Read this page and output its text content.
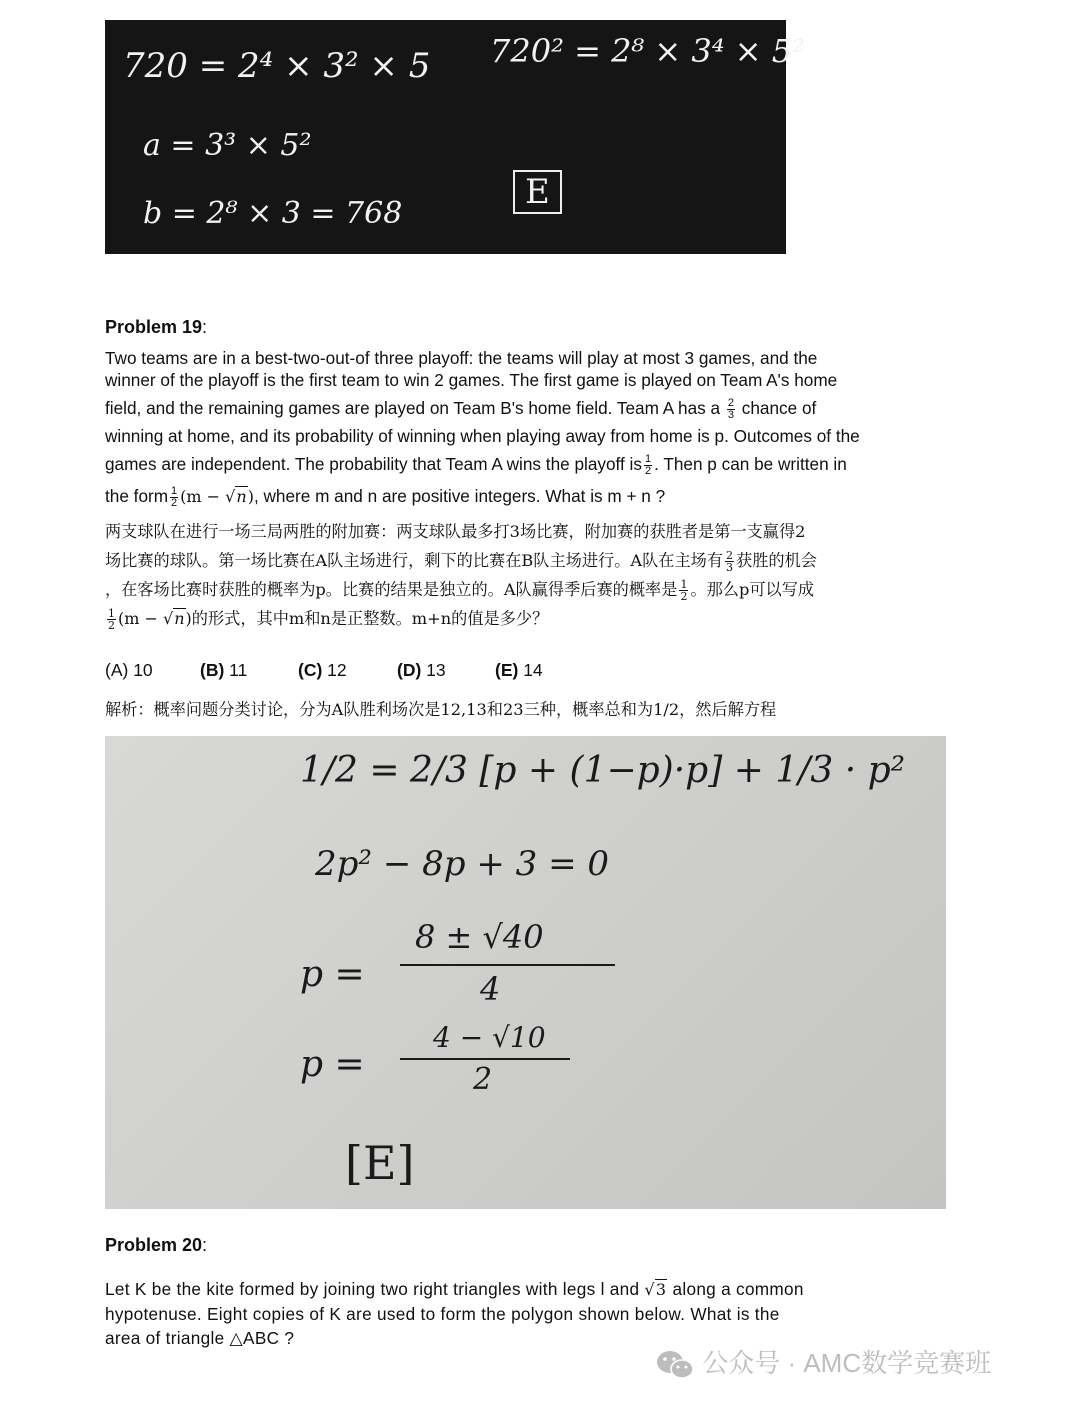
720 = 2⁴ × 3² × 5 720² = 2⁸ × 3⁴ × 5²
a = 3³ × 5²
b = 2⁸ × 3 = 768
E
Problem 19:
Two teams are in a best-two-out-of three playoff: the teams will play at most 3 games, and the
winner of the playoff is the first team to win 2 games. The first game is played on Team A's home
field, and the remaining games are played on Team B's home field. Team A has a $\frac{2}{3}$ chance of
winning at home, and its probability of winning when playing away from home is p. Outcomes of the
games are independent. The probability that Team A wins the playoff is $\frac{1}{2}$ . Then p can be written in
the form $\frac{1}{2} (m - √n)$, where m and n are positive integers. What is m + n ?
两支球队在进行一场三局两胜的附加赛：两支球队最多打3场比赛，附加赛的获胜者是第一支赢得2
场比赛的球队。第一场比赛在A队主场进行，剩下的比赛在B队主场进行。A队在主场有 $\frac{2}{3}$ 获胜的机会
，在客场比赛时获胜的概率为p。比赛的结果是独立的。A队赢得季后赛的概率是 $\frac{1}{2}$ 。那么p可以写成
$\frac{1}{2} (m - √n)$的形式，其中m和n是正整数。m+n的值是多少？
(A) 10	(B) 11	(C) 12	(D) 13	(E) 14
解析：概率问题分类讨论，分为A队胜利场次是12,13和23三种，概率总和为1/2，然后解方程
1/2 = 2/3 [p + (1−p)·p] + 1/3 · p²
2p² − 8p + 3 = 0
p =
8 ± √40
4
p =
4 − √10
2
[E]
Problem 20:
Let K be the kite formed by joining two right triangles with legs l and √3 along a common
hypotenuse. Eight copies of K are used to form the polygon shown below. What is the
area of triangle △ABC ?
公众号 · AMC数学竞赛班
